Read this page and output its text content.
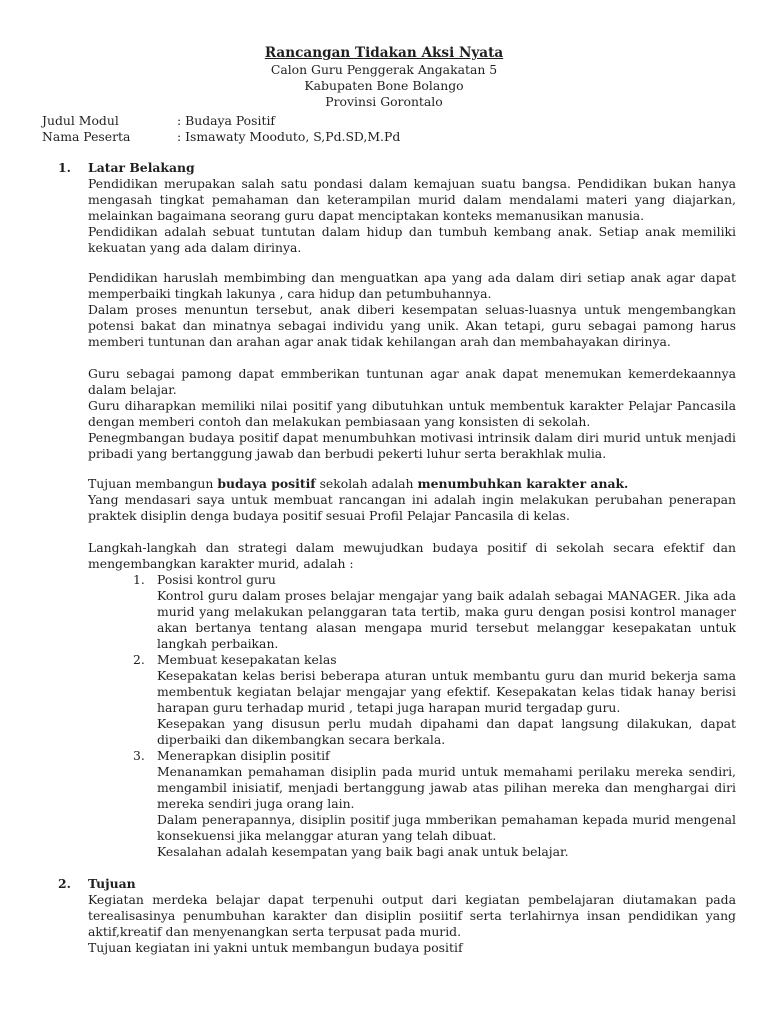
Rancangan Tidakan Aksi Nyata
Calon Guru Penggerak Angakatan 5
Kabupaten Bone Bolango
Provinsi Gorontalo
Judul Modul	: Budaya Positif
Nama Peserta	: Ismawaty Mooduto, S,Pd.SD,M.Pd
1.	Latar Belakang
Pendidikan merupakan salah satu pondasi dalam kemajuan suatu bangsa. Pendidikan bukan hanya mengasah tingkat pemahaman dan keterampilan murid dalam mendalami materi yang diajarkan, melainkan bagaimana seorang guru dapat menciptakan konteks memanusikan manusia.
Pendidikan adalah sebuat tuntutan dalam hidup dan tumbuh kembang anak. Setiap anak memiliki kekuatan yang ada dalam dirinya.
Pendidikan haruslah membimbing dan menguatkan apa yang ada dalam diri setiap anak agar dapat memperbaiki tingkah lakunya , cara hidup dan petumbuhannya.
Dalam proses menuntun tersebut, anak diberi kesempatan seluas-luasnya untuk mengembangkan potensi bakat dan minatnya sebagai individu yang unik. Akan tetapi, guru sebagai pamong harus memberi tuntunan dan arahan agar anak tidak kehilangan arah dan membahayakan dirinya.
Guru sebagai pamong dapat emmberikan tuntunan agar anak dapat menemukan kemerdekaannya dalam belajar.
Guru diharapkan memiliki nilai positif yang dibutuhkan untuk membentuk karakter Pelajar Pancasila dengan memberi contoh dan melakukan pembiasaan yang konsisten di sekolah.
Penegmbangan budaya positif dapat menumbuhkan motivasi intrinsik dalam diri murid untuk menjadi pribadi yang bertanggung jawab dan berbudi pekerti luhur serta berakhlak mulia.
Tujuan membangun budaya positif sekolah adalah menumbuhkan karakter anak.
Yang mendasari saya untuk membuat rancangan ini adalah ingin melakukan perubahan penerapan praktek disiplin denga budaya positif sesuai Profil Pelajar Pancasila di kelas.
Langkah-langkah dan strategi dalam mewujudkan budaya positif di sekolah secara efektif dan mengembangkan karakter murid, adalah :
1. Posisi kontrol guru
Kontrol guru dalam proses belajar mengajar yang baik adalah sebagai MANAGER. Jika ada murid yang melakukan pelanggaran tata tertib, maka guru dengan posisi kontrol manager akan bertanya tentang alasan mengapa murid tersebut melanggar kesepakatan untuk langkah perbaikan.
2. Membuat kesepakatan kelas
Kesepakatan kelas berisi beberapa aturan untuk membantu guru dan murid bekerja sama membentuk kegiatan belajar mengajar yang efektif. Kesepakatan kelas tidak hanay berisi harapan guru terhadap murid , tetapi juga harapan murid tergadap guru.
Kesepakan yang disusun perlu mudah dipahami dan dapat langsung dilakukan, dapat diperbaiki dan dikembangkan secara berkala.
3. Menerapkan disiplin positif
Menanamkan pemahaman disiplin pada murid untuk memahami perilaku mereka sendiri, mengambil inisiatif, menjadi bertanggung jawab atas pilihan mereka dan menghargai diri mereka sendiri juga orang lain.
Dalam penerapannya, disiplin positif juga mmberikan pemahaman kepada murid mengenal konsekuensi jika melanggar aturan yang telah dibuat.
Kesalahan adalah kesempatan yang baik bagi anak untuk belajar.
2.	Tujuan
Kegiatan merdeka belajar dapat terpenuhi output dari kegiatan pembelajaran diutamakan pada terealisasinya penumbuhan karakter dan disiplin posiitif serta terlahirnya insan pendidikan yang aktif,kreatif dan menyenangkan serta terpusat pada murid.
Tujuan kegiatan ini yakni untuk membangun budaya positif
